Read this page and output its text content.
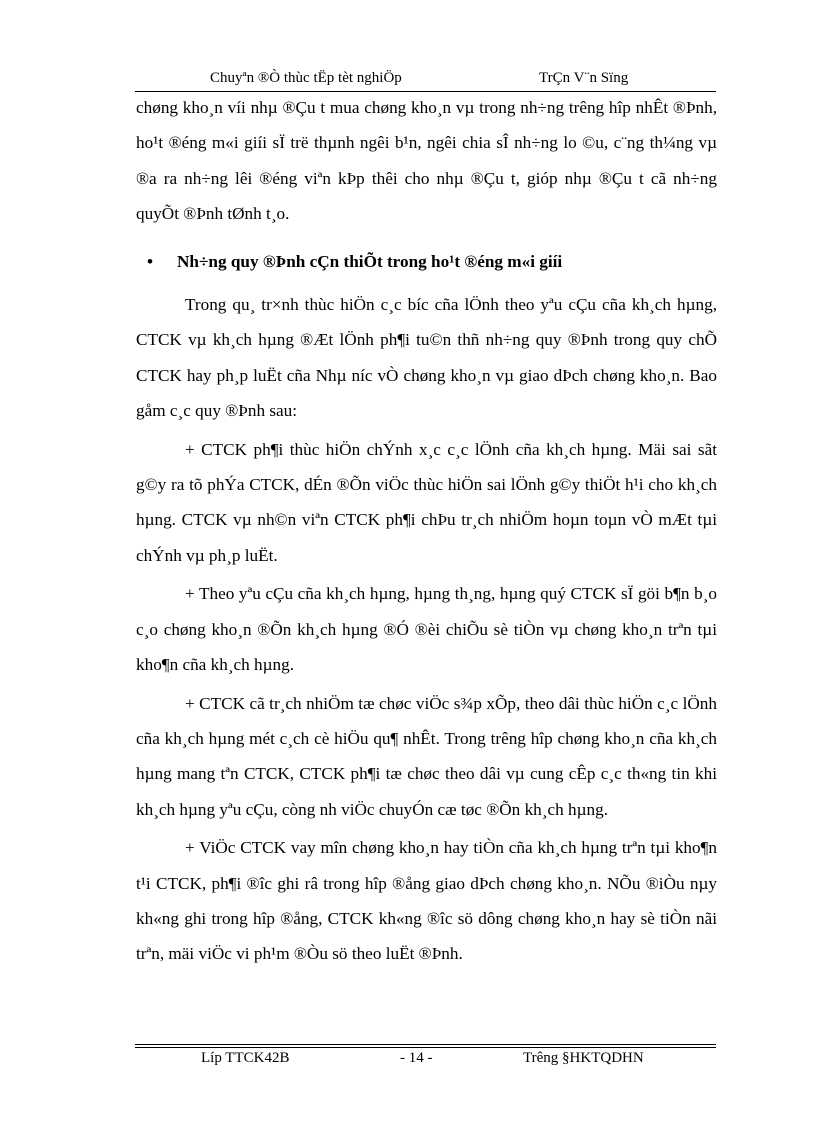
Chuyªn ®Ò thùc tËp tèt nghiÖp	TrÇn V¨n Sïng

chøng kho¸n víi nhµ ®Çu t mua chøng kho¸n vµ trong nh÷ng trêng hîp nhÊt ®Þnh, ho¹t ®éng m«i giíi sÏ trë thµnh ngêi b¹n, ngêi chia sÎ nh÷ng lo ©u, c¨ng th¼ng vµ ®a ra nh÷ng lêi ®éng viªn kÞp thêi cho nhµ ®Çu t, gióp nhµ ®Çu t cã nh÷ng quyÕt ®Þnh tØnh t¸o.

• Nh÷ng quy ®Þnh cÇn thiÕt trong ho¹t ®éng m«i giíi

Trong qu¸ tr×nh thùc hiÖn c¸c bíc cña lÖnh theo yªu cÇu cña kh¸ch hµng, CTCK vµ kh¸ch hµng ®Æt lÖnh ph¶i tu©n thñ nh÷ng quy ®Þnh trong quy chÕ CTCK hay ph¸p luËt cña Nhµ níc vÒ chøng kho¸n vµ giao dÞch chøng kho¸n. Bao gåm c¸c quy ®Þnh sau:

+ CTCK ph¶i thùc hiÖn chÝnh x¸c c¸c lÖnh cña kh¸ch hµng. Mäi sai sãt g©y ra tõ phÝa CTCK, dÉn ®Õn viÖc thùc hiÖn sai lÖnh g©y thiÖt h¹i cho kh¸ch hµng. CTCK vµ nh©n viªn CTCK ph¶i chÞu tr¸ch nhiÖm hoµn toµn vÒ mÆt tµi chÝnh vµ ph¸p luËt.

+ Theo yªu cÇu cña kh¸ch hµng, hµng th¸ng, hµng quý CTCK sÏ göi b¶n b¸o c¸o chøng kho¸n ®Õn kh¸ch hµng ®Ó ®èi chiÕu sè tiÒn vµ chøng kho¸n trªn tµi kho¶n cña kh¸ch hµng.

+ CTCK cã tr¸ch nhiÖm tæ chøc viÖc s¾p xÕp, theo dâi thùc hiÖn c¸c lÖnh cña kh¸ch hµng mét c¸ch cè hiÖu qu¶ nhÊt. Trong trêng hîp chøng kho¸n cña kh¸ch hµng mang tªn CTCK, CTCK ph¶i tæ chøc theo dâi vµ cung cÊp c¸c th«ng tin khi kh¸ch hµng yªu cÇu, còng nh viÖc chuyÓn cæ tøc ®Õn kh¸ch hµng.

+ ViÖc CTCK vay mîn chøng kho¸n hay tiÒn cña kh¸ch hµng trªn tµi kho¶n t¹i CTCK, ph¶i ®îc ghi râ trong hîp ®ång giao dÞch chøng kho¸n. NÕu ®iÒu nµy kh«ng ghi trong hîp ®ång, CTCK kh«ng ®îc sö dông chøng kho¸n hay sè tiÒn nãi trªn, mäi viÖc vi ph¹m ®Òu sö theo luËt ®Þnh.

Líp TTCK42B	- 14 -	Trêng §HKTQDHN
